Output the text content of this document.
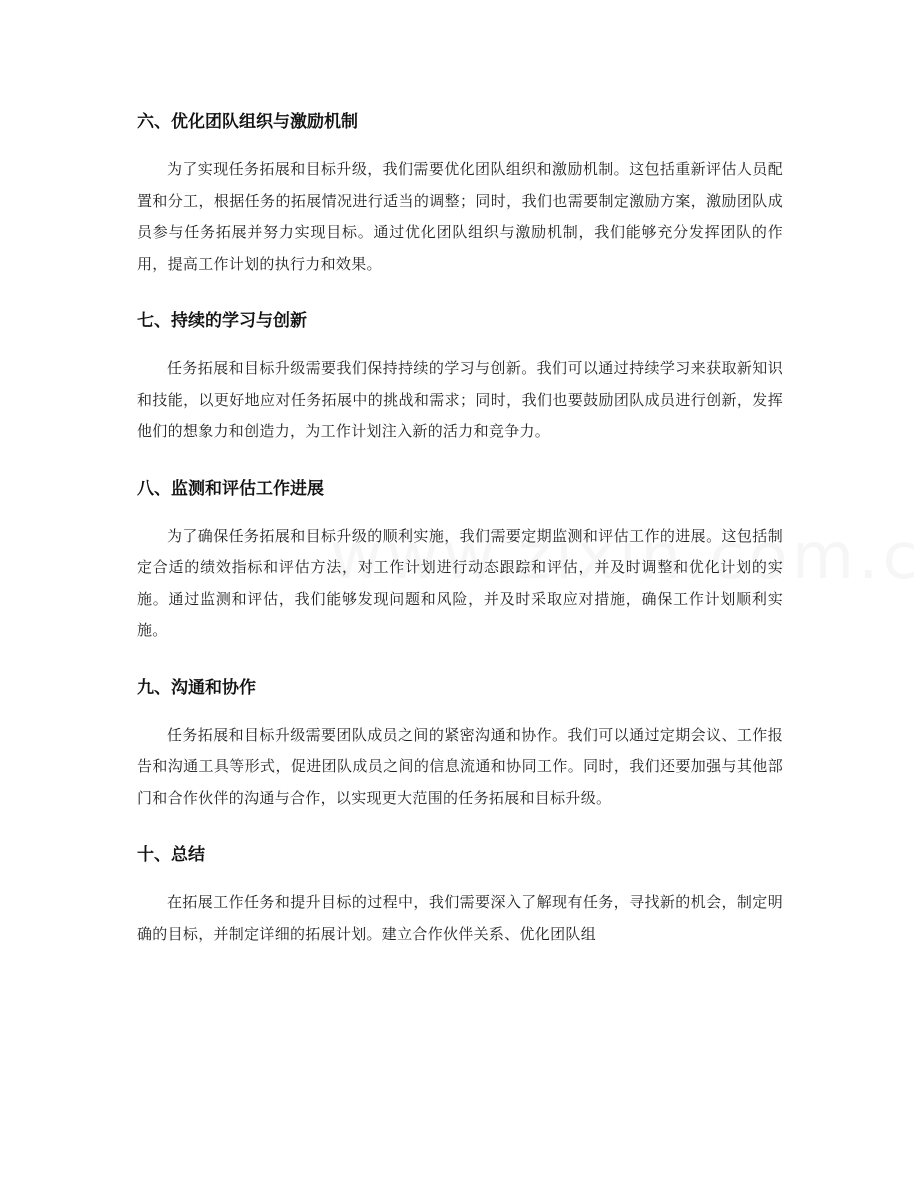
六、优化团队组织与激励机制

为了实现任务拓展和目标升级，我们需要优化团队组织和激励机制。这包括重新评估人员配置和分工，根据任务的拓展情况进行适当的调整；同时，我们也需要制定激励方案，激励团队成员参与任务拓展并努力实现目标。通过优化团队组织与激励机制，我们能够充分发挥团队的作用，提高工作计划的执行力和效果。

七、持续的学习与创新

任务拓展和目标升级需要我们保持持续的学习与创新。我们可以通过持续学习来获取新知识和技能，以更好地应对任务拓展中的挑战和需求；同时，我们也要鼓励团队成员进行创新，发挥他们的想象力和创造力，为工作计划注入新的活力和竞争力。

八、监测和评估工作进展

为了确保任务拓展和目标升级的顺利实施，我们需要定期监测和评估工作的进展。这包括制定合适的绩效指标和评估方法，对工作计划进行动态跟踪和评估，并及时调整和优化计划的实施。通过监测和评估，我们能够发现问题和风险，并及时采取应对措施，确保工作计划顺利实施。

九、沟通和协作

任务拓展和目标升级需要团队成员之间的紧密沟通和协作。我们可以通过定期会议、工作报告和沟通工具等形式，促进团队成员之间的信息流通和协同工作。同时，我们还要加强与其他部门和合作伙伴的沟通与合作，以实现更大范围的任务拓展和目标升级。

十、总结

在拓展工作任务和提升目标的过程中，我们需要深入了解现有任务，寻找新的机会，制定明确的目标，并制定详细的拓展计划。建立合作伙伴关系、优化团队组
